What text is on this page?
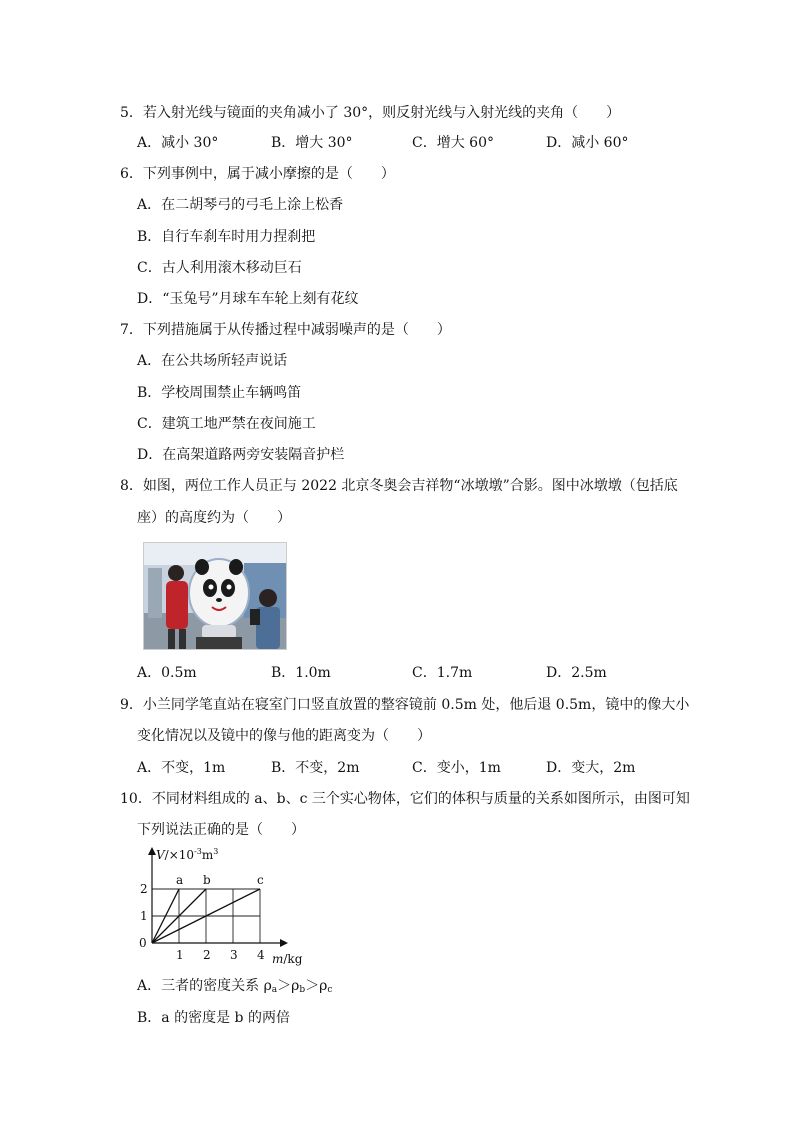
5．若入射光线与镜面的夹角减小了 30°，则反射光线与入射光线的夹角（　　）
A．减小 30°	B．增大 30°	C．增大 60°	D．减小 60°
6．下列事例中，属于减小摩擦的是（　　）
A．在二胡琴弓的弓毛上涂上松香
B．自行车刹车时用力捏刹把
C．古人利用滚木移动巨石
D．“玉兔号”月球车车轮上刻有花纹
7．下列措施属于从传播过程中减弱噪声的是（　　）
A．在公共场所轻声说话
B．学校周围禁止车辆鸣笛
C．建筑工地严禁在夜间施工
D．在高架道路两旁安装隔音护栏
8．如图，两位工作人员正与 2022 北京冬奥会吉祥物“冰墩墩”合影。图中冰墩墩（包括底
座）的高度约为（　　）
A．0.5m	B．1.0m	C．1.7m	D．2.5m
9．小兰同学笔直站在寝室门口竖直放置的整容镜前 0.5m 处，他后退 0.5m，镜中的像大小
变化情况以及镜中的像与他的距离变为（　　）
A．不变，1m	B．不变，2m	C．变小，1m	D．变大，2m
10．不同材料组成的 a、b、c 三个实心物体，它们的体积与质量的关系如图所示，由图可知
下列说法正确的是（　　）
a b	c
$V/\times 10^{-3}m^3$
m/kg
0
1 2 3 4
1
2
A．三者的密度关系 $\rho_a>\rho_b>\rho_c$
B．a 的密度是 b 的两倍
